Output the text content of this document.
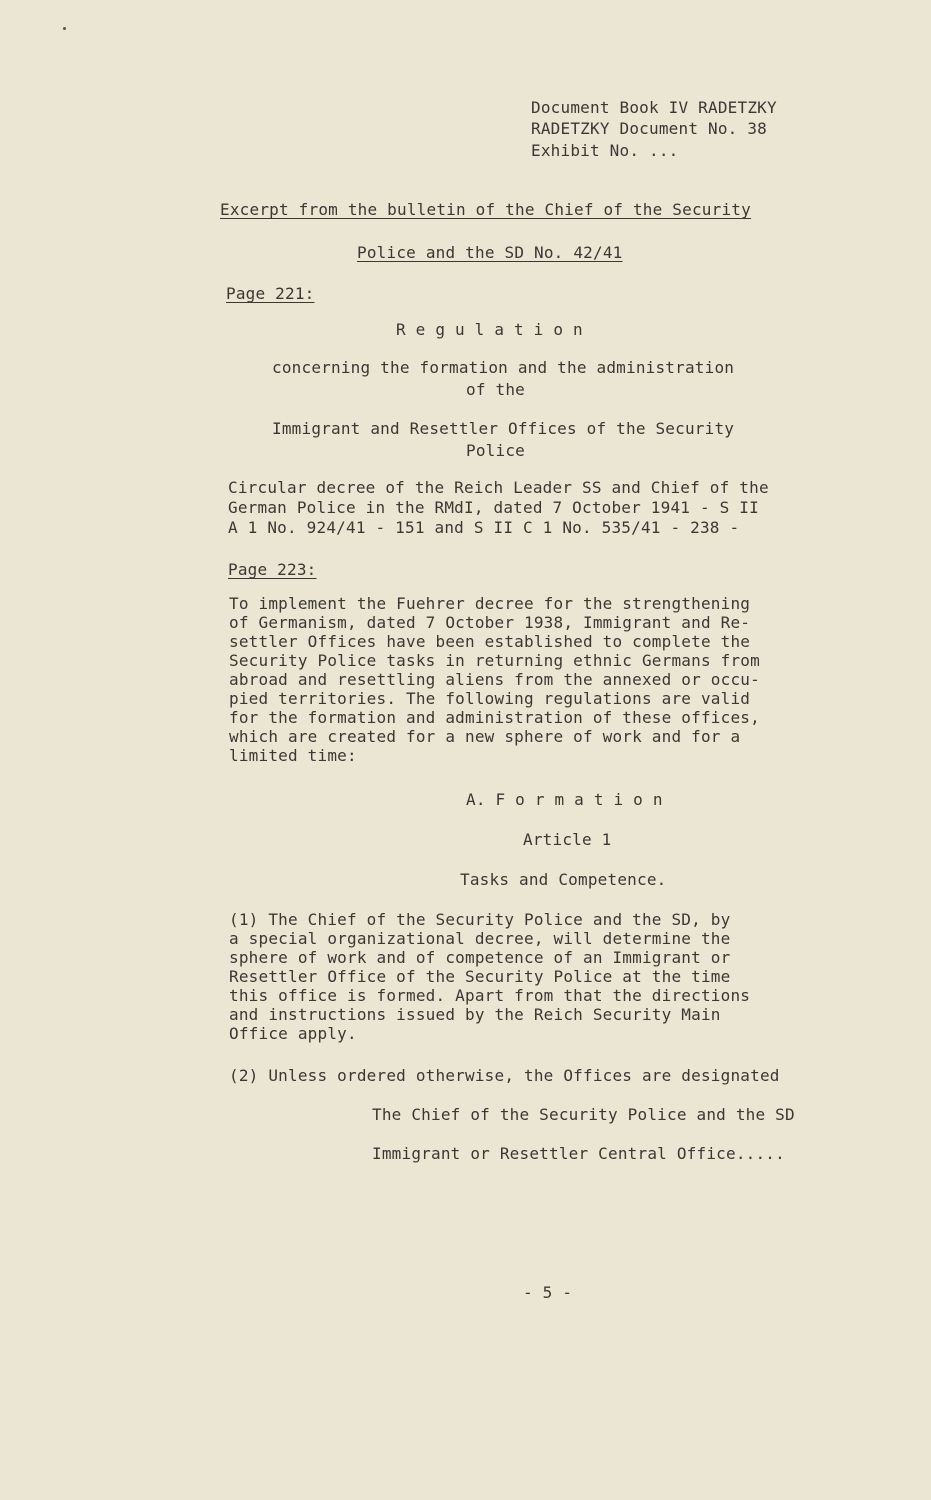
Document Book IV RADETZKY
RADETZKY Document No. 38
Exhibit No. ...
Excerpt from the bulletin of the Chief of the Security
Police and the SD No. 42/41
Page 221:
R e g u l a t i o n
concerning the formation and the administration
of the
Immigrant and Resettler Offices of the Security
Police
Circular decree of the Reich Leader SS and Chief of the
German Police in the RMdI, dated 7 October 1941 - S II
A 1 No. 924/41 - 151 and S II C 1 No. 535/41 - 238 -
Page 223:
To implement the Fuehrer decree for the strengthening
of Germanism, dated 7 October 1938, Immigrant and Re-
settler Offices have been established to complete the
Security Police tasks in returning ethnic Germans from
abroad and resettling aliens from the annexed or occu-
pied territories. The following regulations are valid
for the formation and administration of these offices,
which are created for a new sphere of work and for a
limited time:
A. F o r m a t i o n
Article 1
Tasks and Competence.
(1) The Chief of the Security Police and the SD, by
a special organizational decree, will determine the
sphere of work and of competence of an Immigrant or
Resettler Office of the Security Police at the time
this office is formed. Apart from that the directions
and instructions issued by the Reich Security Main
Office apply.
(2) Unless ordered otherwise, the Offices are designated
The Chief of the Security Police and the SD
Immigrant or Resettler Central Office.....
- 5 -
